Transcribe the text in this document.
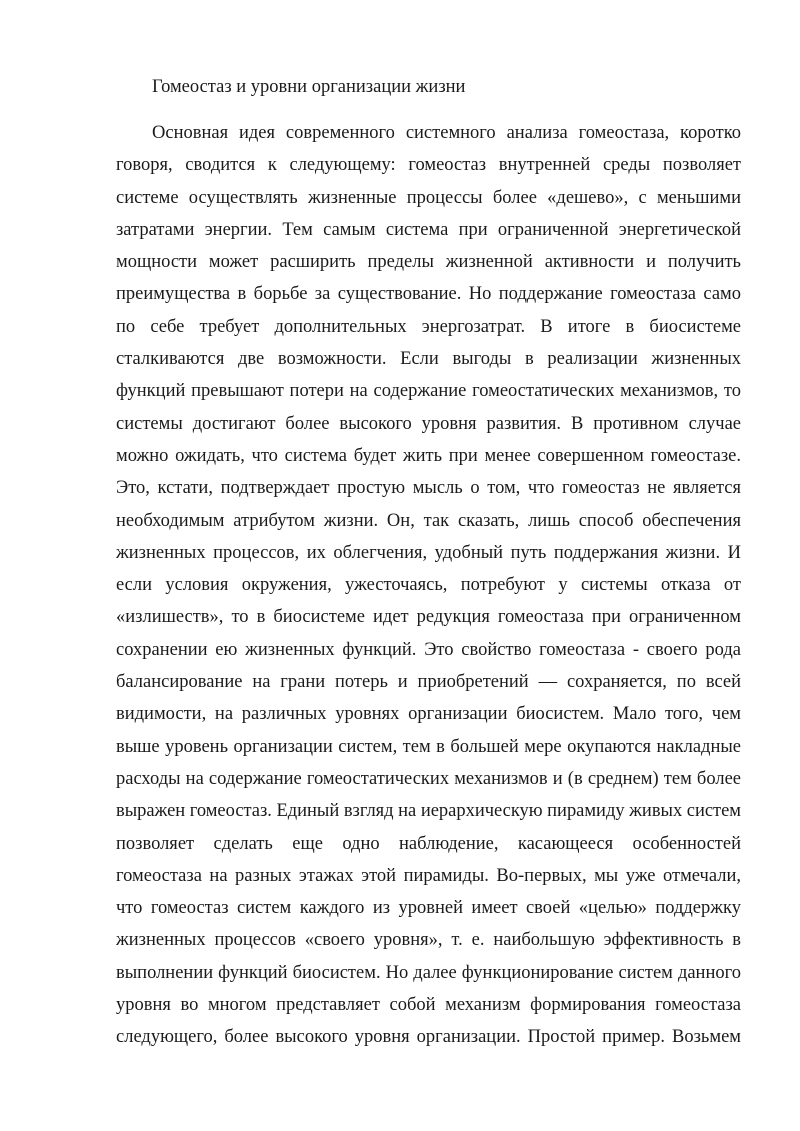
Гомеостаз и уровни организации жизни
Основная идея современного системного анализа гомеостаза, коротко
говоря, сводится к следующему: гомеостаз внутренней среды позволяет
системе осуществлять жизненные процессы более «дешево», с меньшими
затратами энергии. Тем самым система при ограниченной энергетической
мощности может расширить пределы жизненной активности и получить
преимущества в борьбе за существование. Но поддержание гомеостаза само
по себе требует дополнительных энергозатрат. В итоге в биосистеме
сталкиваются две возможности. Если выгоды в реализации жизненных
функций превышают потери на содержание гомеостатических механизмов, то
системы достигают более высокого уровня развития. В противном случае
можно ожидать, что система будет жить при менее совершенном гомеостазе.
Это, кстати, подтверждает простую мысль о том, что гомеостаз не является
необходимым атрибутом жизни. Он, так сказать, лишь способ обеспечения
жизненных процессов, их облегчения, удобный путь поддержания жизни. И
если условия окружения, ужесточаясь, потребуют у системы отказа от
«излишеств», то в биосистеме идет редукция гомеостаза при ограниченном
сохранении ею жизненных функций. Это свойство гомеостаза - своего рода
балансирование на грани потерь и приобретений — сохраняется, по всей
видимости, на различных уровнях организации биосистем. Мало того, чем
выше уровень организации систем, тем в большей мере окупаются накладные
расходы на содержание гомеостатических механизмов и (в среднем) тем более
выражен гомеостаз. Единый взгляд на иерархическую пирамиду живых систем
позволяет сделать еще одно наблюдение, касающееся особенностей
гомеостаза на разных этажах этой пирамиды. Во-первых, мы уже отмечали,
что гомеостаз систем каждого из уровней имеет своей «целью» поддержку
жизненных процессов «своего уровня», т. е. наибольшую эффективность в
выполнении функций биосистем. Но далее функционирование систем данного
уровня во многом представляет собой механизм формирования гомеостаза
следующего, более высокого уровня организации. Простой пример. Возьмем
